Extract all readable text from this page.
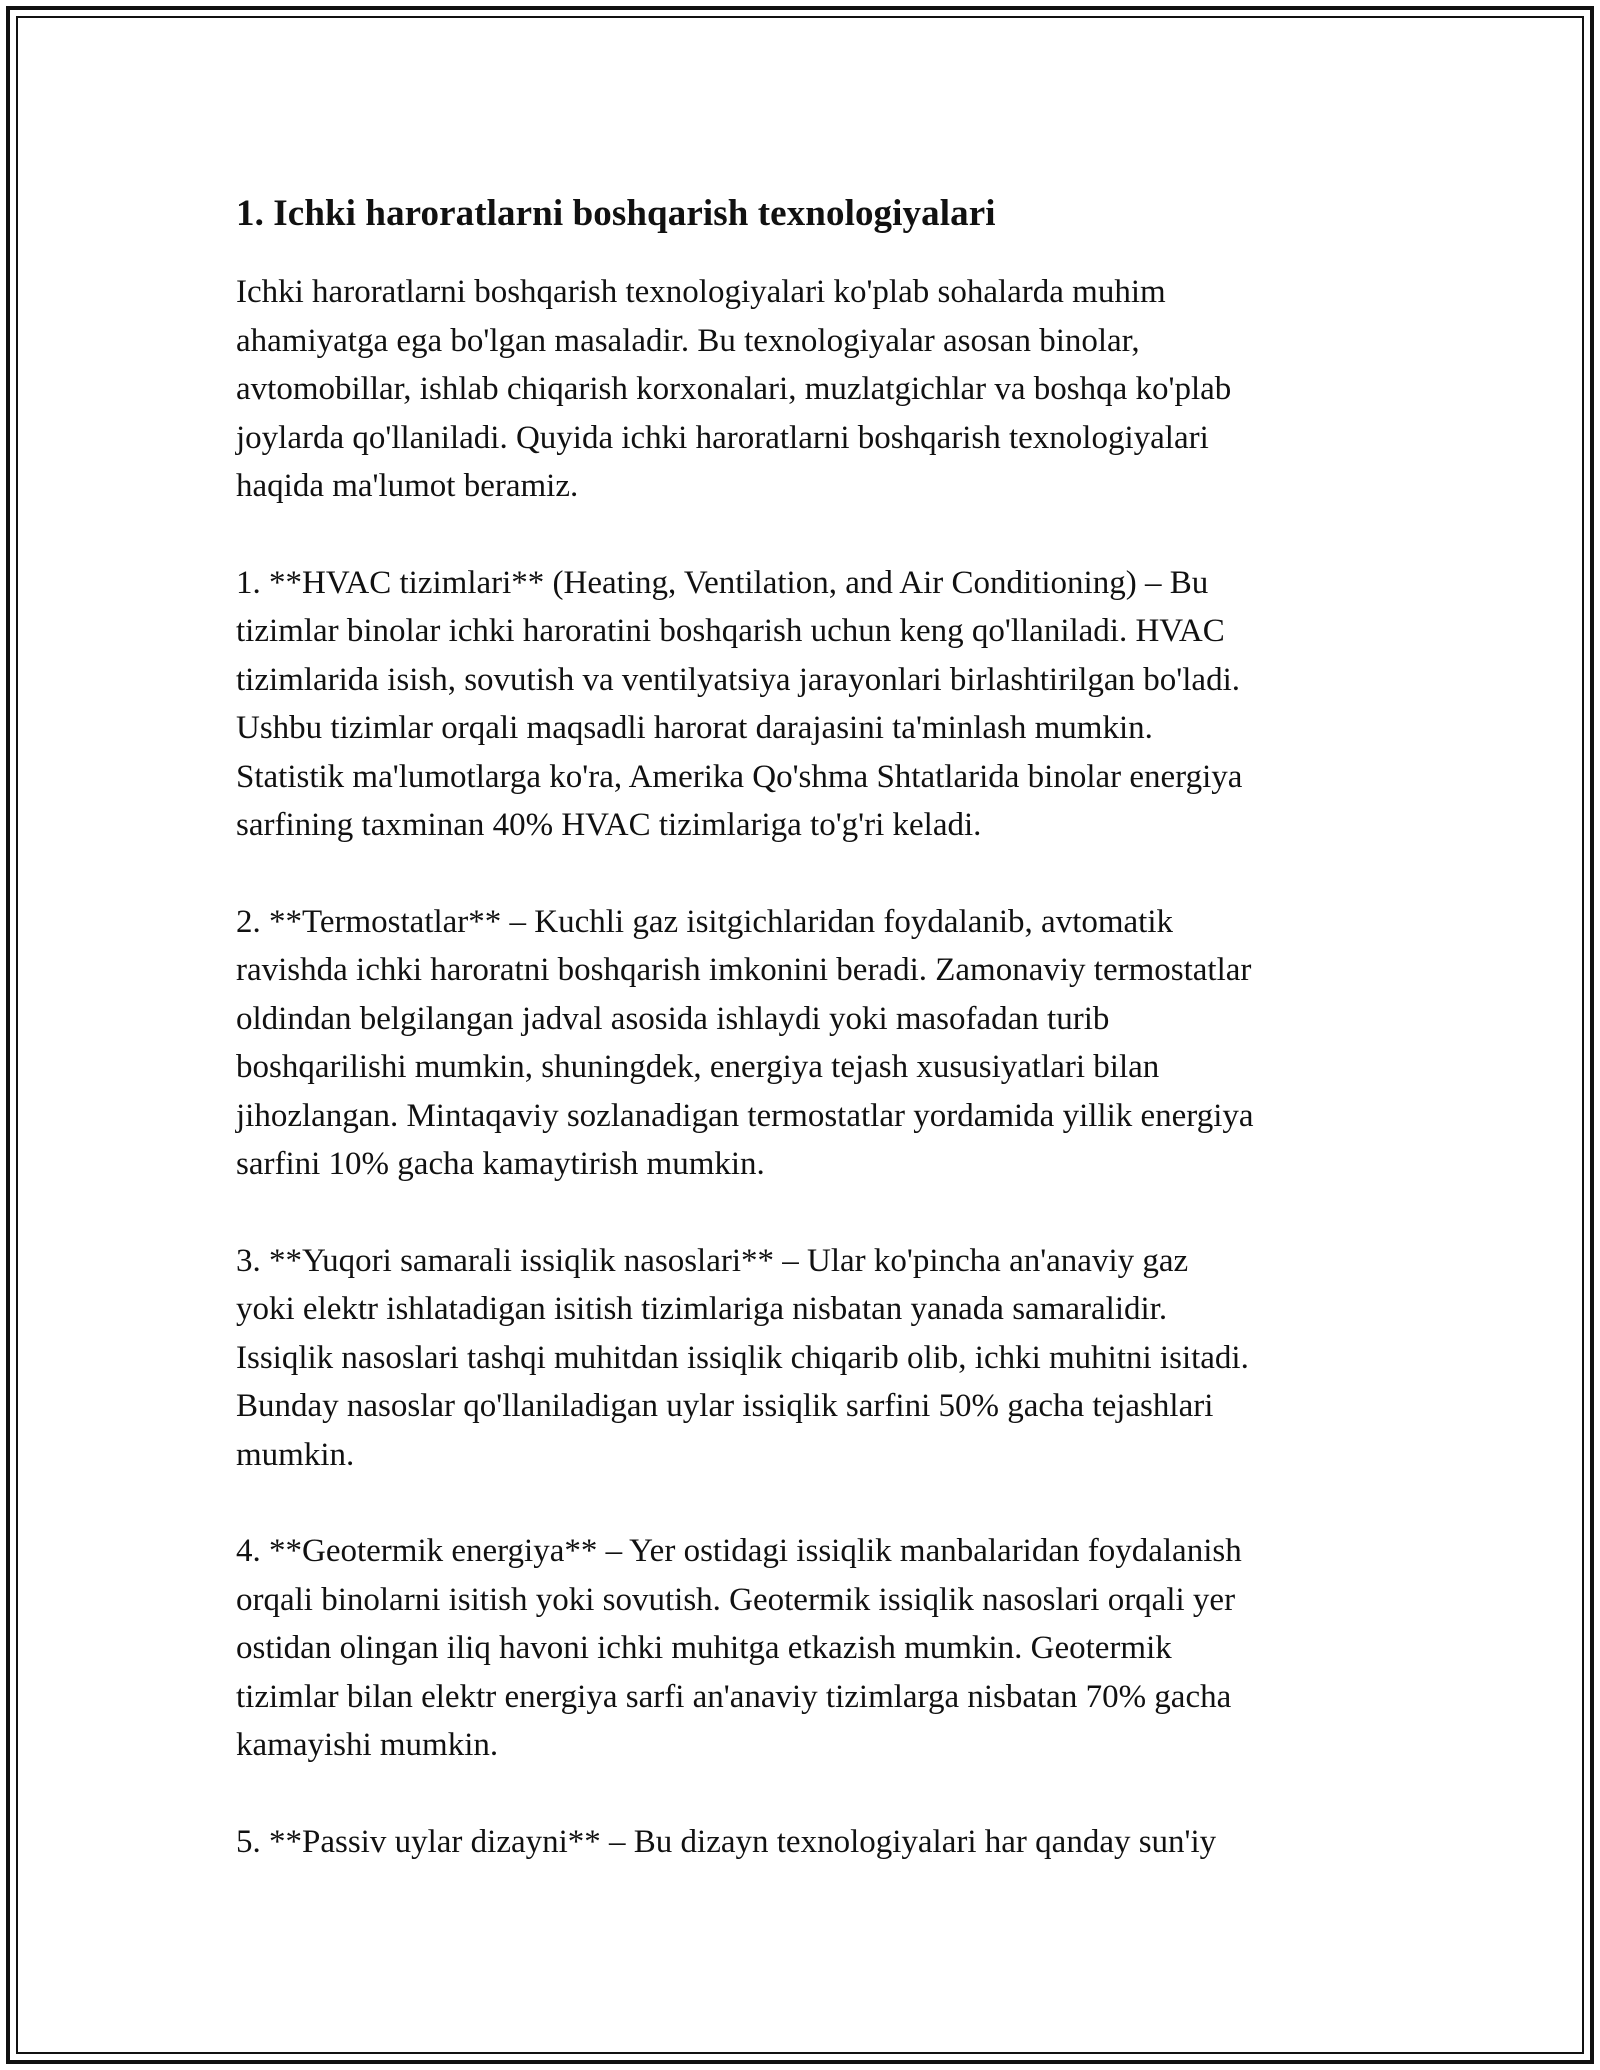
1. Ichki haroratlarni boshqarish texnologiyalari

Ichki haroratlarni boshqarish texnologiyalari ko'plab sohalarda muhim
ahamiyatga ega bo'lgan masaladir. Bu texnologiyalar asosan binolar,
avtomobillar, ishlab chiqarish korxonalari, muzlatgichlar va boshqa ko'plab
joylarda qo'llaniladi. Quyida ichki haroratlarni boshqarish texnologiyalari
haqida ma'lumot beramiz.

1. **HVAC tizimlari** (Heating, Ventilation, and Air Conditioning) – Bu
tizimlar binolar ichki haroratini boshqarish uchun keng qo'llaniladi. HVAC
tizimlarida isish, sovutish va ventilyatsiya jarayonlari birlashtirilgan bo'ladi.
Ushbu tizimlar orqali maqsadli harorat darajasini ta'minlash mumkin.
Statistik ma'lumotlarga ko'ra, Amerika Qo'shma Shtatlarida binolar energiya
sarfining taxminan 40% HVAC tizimlariga to'g'ri keladi.

2. **Termostatlar** – Kuchli gaz isitgichlaridan foydalanib, avtomatik
ravishda ichki haroratni boshqarish imkonini beradi. Zamonaviy termostatlar
oldindan belgilangan jadval asosida ishlaydi yoki masofadan turib
boshqarilishi mumkin, shuningdek, energiya tejash xususiyatlari bilan
jihozlangan. Mintaqaviy sozlanadigan termostatlar yordamida yillik energiya
sarfini 10% gacha kamaytirish mumkin.

3. **Yuqori samarali issiqlik nasoslari** – Ular ko'pincha an'anaviy gaz
yoki elektr ishlatadigan isitish tizimlariga nisbatan yanada samaralidir.
Issiqlik nasoslari tashqi muhitdan issiqlik chiqarib olib, ichki muhitni isitadi.
Bunday nasoslar qo'llaniladigan uylar issiqlik sarfini 50% gacha tejashlari
mumkin.

4. **Geotermik energiya** – Yer ostidagi issiqlik manbalaridan foydalanish
orqali binolarni isitish yoki sovutish. Geotermik issiqlik nasoslari orqali yer
ostidan olingan iliq havoni ichki muhitga etkazish mumkin. Geotermik
tizimlar bilan elektr energiya sarfi an'anaviy tizimlarga nisbatan 70% gacha
kamayishi mumkin.

5. **Passiv uylar dizayni** – Bu dizayn texnologiyalari har qanday sun'iy
